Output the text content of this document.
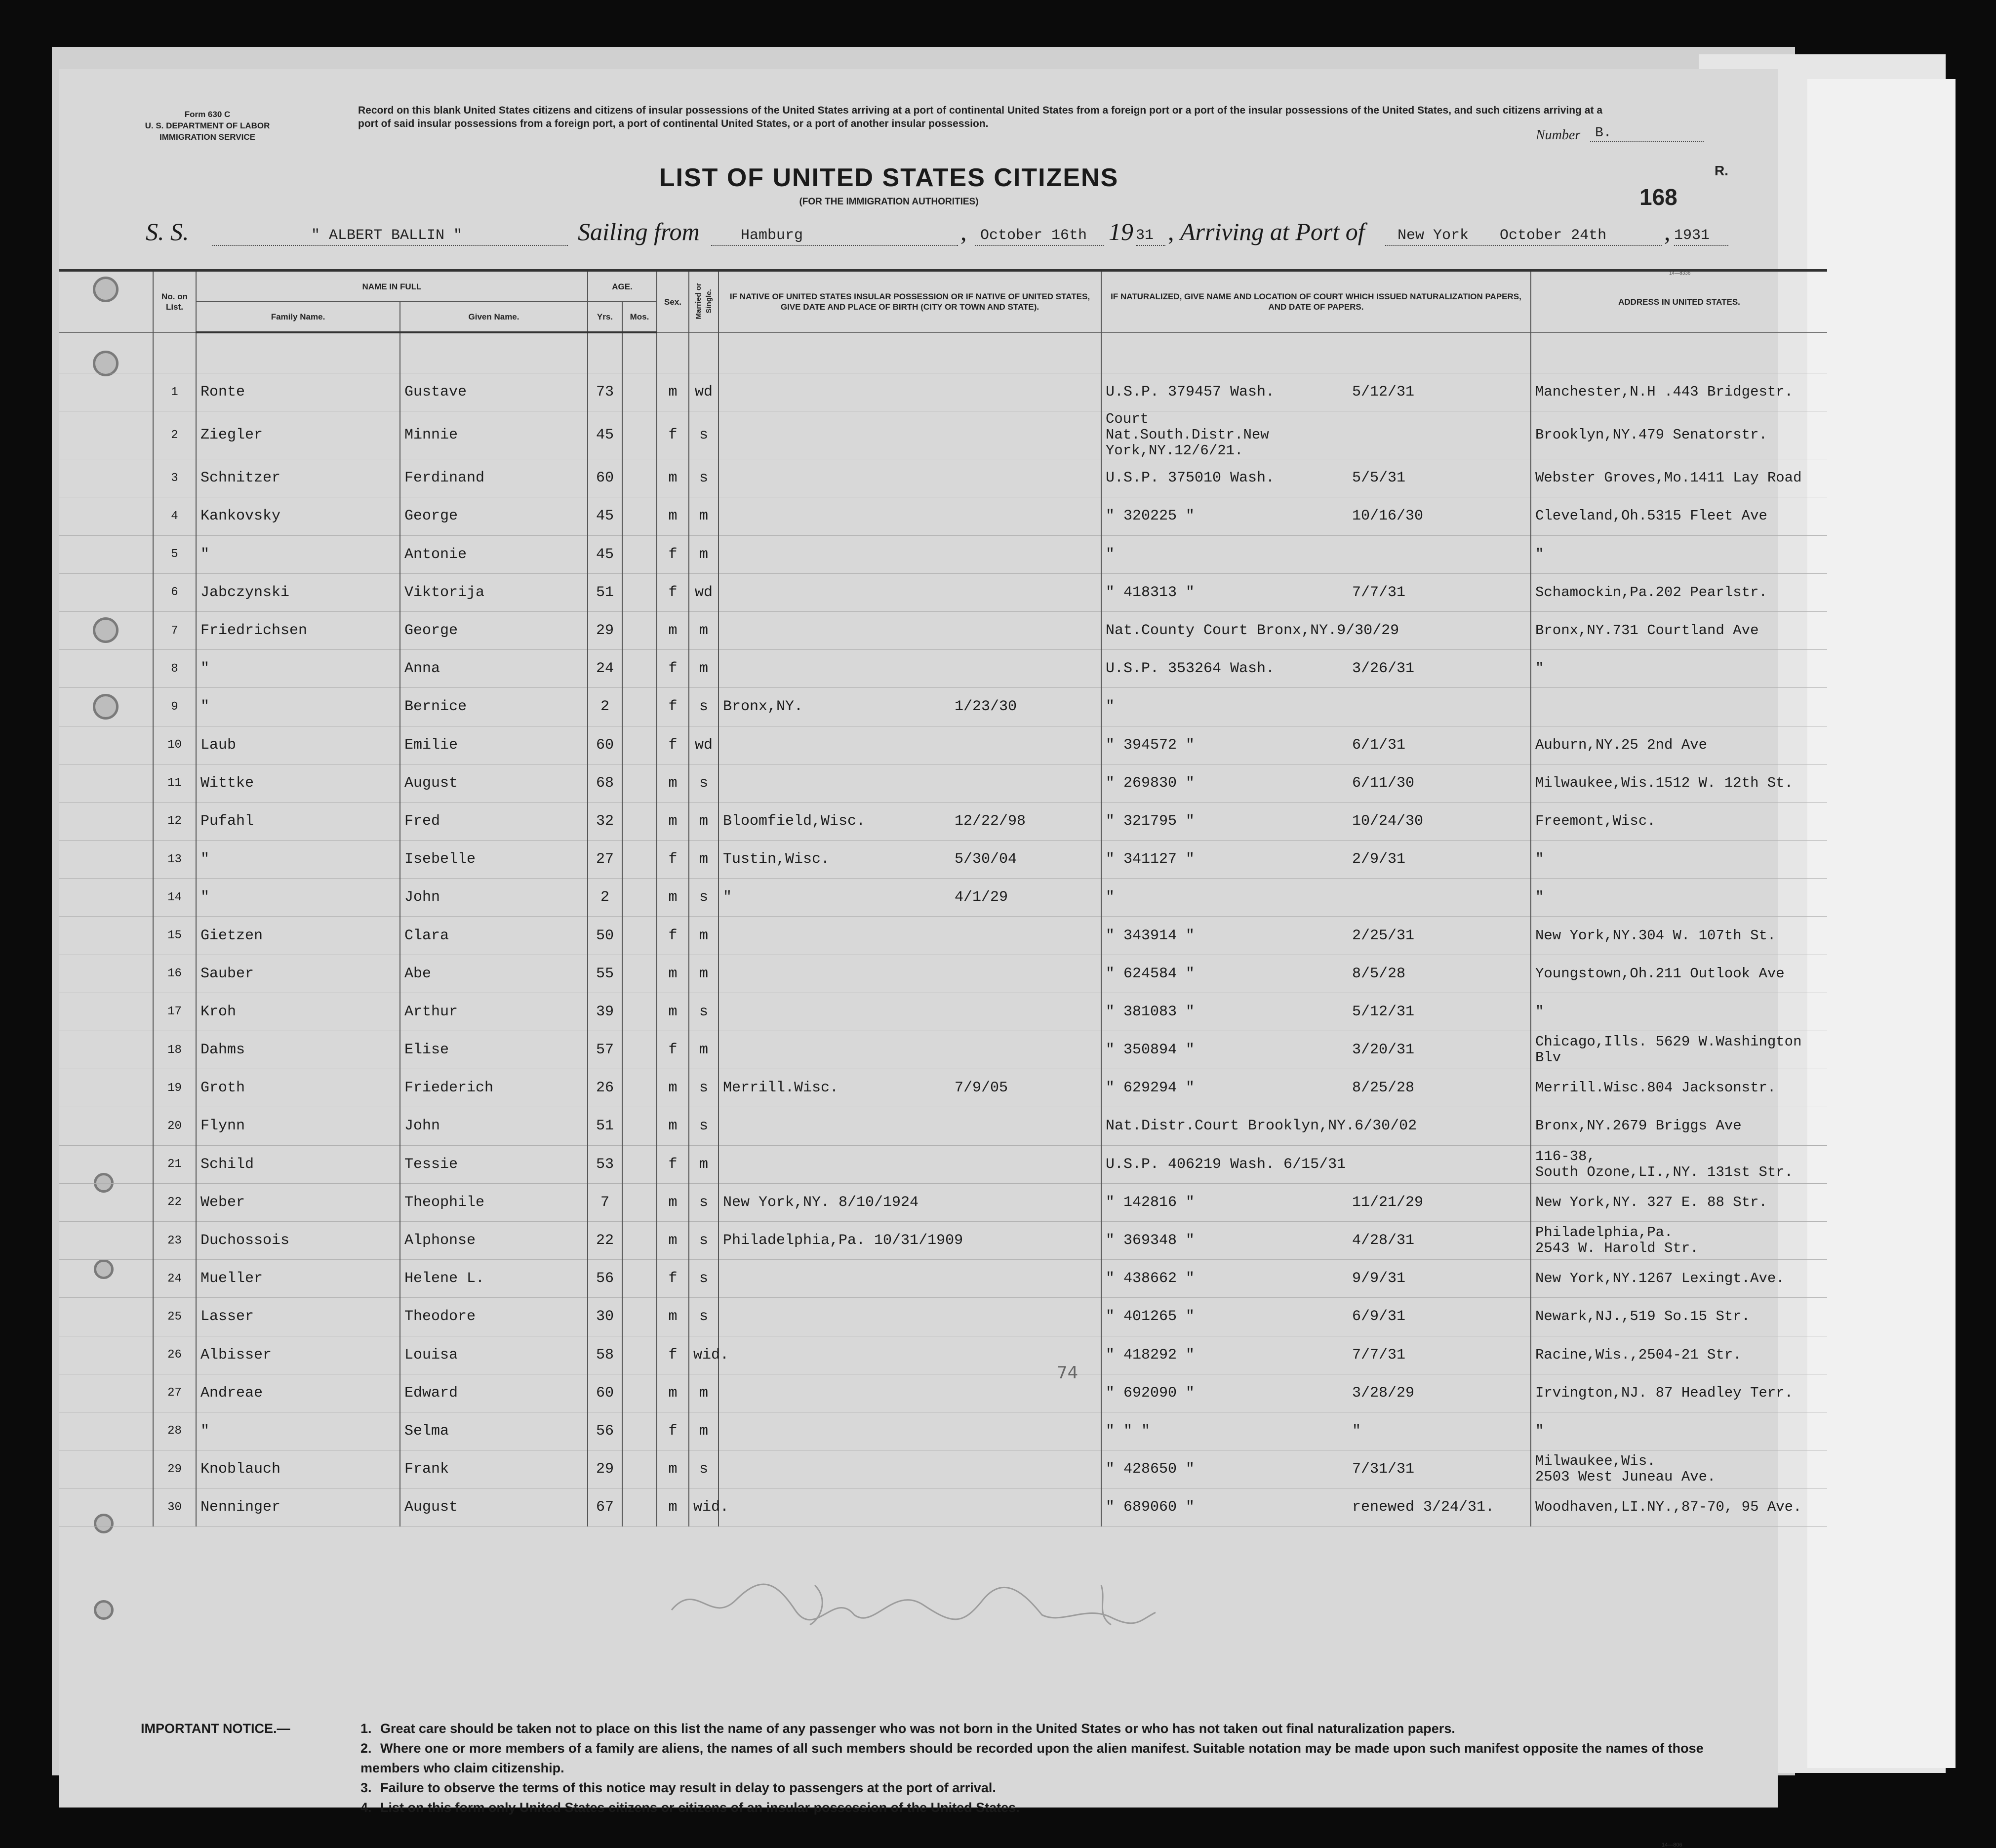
Form 630 C
U. S. DEPARTMENT OF LABOR
IMMIGRATION SERVICE
Record on this blank United States citizens and citizens of insular possessions of the United States arriving at a port of continental United States from a foreign port or a port of the insular possessions of the United States, and such citizens arriving at a port of said insular possessions from a foreign port, a port of continental United States, or a port of another insular possession.
Number	B.
R.
LIST OF UNITED STATES CITIZENS
(FOR THE IMMIGRATION AUTHORITIES)	168
S. S.	" ALBERT BALLIN "	Sailing from	Hamburg	, October 16th 19 31 , Arriving at Port of	New York October 24th	, 1931
14—8336
	No. on List.	NAME IN FULL		AGE.		Sex.	Married or Single.	IF NATIVE OF UNITED STATES INSULAR POSSESSION OR IF NATIVE OF UNITED STATES, GIVE DATE AND PLACE OF BIRTH (CITY OR TOWN AND STATE).		IF NATURALIZED, GIVE NAME AND LOCATION OF COURT WHICH ISSUED NATURALIZATION PAPERS, AND DATE OF PAPERS.		ADDRESS IN UNITED STATES.
		Family Name.	Given Name.	Yrs.	Mos.							

	1	Ronte	Gustave	73		m	wd			U.S.P. 379457 Wash.	5/12/31	Manchester,N.H .443 Bridgestr.
	2	Ziegler	Minnie	45		f	s			Court
Nat.South.Distr.New York,NY.12/6/21.		Brooklyn,NY.479 Senatorstr.
	3	Schnitzer	Ferdinand	60		m	s			U.S.P. 375010 Wash.	5/5/31	Webster Groves,Mo.1411 Lay Road
	4	Kankovsky	George	45		m	m			" 320225 "	10/16/30	Cleveland,Oh.5315 Fleet Ave
	5	"	Antonie	45		f	m			"		"
	6	Jabczynski	Viktorija	51		f	wd			" 418313 "	7/7/31	Schamockin,Pa.202 Pearlstr.
	7	Friedrichsen	George	29		m	m			Nat.County Court Bronx,NY.9/30/29		Bronx,NY.731 Courtland Ave
	8	"	Anna	24		f	m			U.S.P. 353264 Wash.	3/26/31	"
	9	"	Bernice	2		f	s	Bronx,NY.	1/23/30	"		
	10	Laub	Emilie	60		f	wd			" 394572 "	6/1/31	Auburn,NY.25 2nd Ave
	11	Wittke	August	68		m	s			" 269830 "	6/11/30	Milwaukee,Wis.1512 W. 12th St.
	12	Pufahl	Fred	32		m	m	Bloomfield,Wisc.	12/22/98	" 321795 "	10/24/30	Freemont,Wisc.
	13	"	Isebelle	27		f	m	Tustin,Wisc.	5/30/04	" 341127 "	2/9/31	"
	14	"	John	2		m	s	"	4/1/29	"		"
	15	Gietzen	Clara	50		f	m			" 343914 "	2/25/31	New York,NY.304 W. 107th St.
	16	Sauber	Abe	55		m	m			" 624584 "	8/5/28	Youngstown,Oh.211 Outlook Ave
	17	Kroh	Arthur	39		m	s			" 381083 "	5/12/31	"
	18	Dahms	Elise	57		f	m			" 350894 "	3/20/31	Chicago,Ills. 5629 W.Washington Blv
	19	Groth	Friederich	26		m	s	Merrill.Wisc.	7/9/05	" 629294 "	8/25/28	Merrill.Wisc.804 Jacksonstr.
	20	Flynn	John	51		m	s			Nat.Distr.Court Brooklyn,NY.6/30/02		Bronx,NY.2679 Briggs Ave
	21	Schild	Tessie	53		f	m			U.S.P. 406219 Wash. 6/15/31		116-38,
South Ozone,LI.,NY. 131st Str.
	22	Weber	Theophile	7		m	s	New York,NY. 8/10/1924		" 142816 "	11/21/29	New York,NY. 327 E. 88 Str.
	23	Duchossois	Alphonse	22		m	s	Philadelphia,Pa. 10/31/1909		" 369348 "	4/28/31	Philadelphia,Pa.
2543 W. Harold Str.
	24	Mueller	Helene L.	56		f	s			" 438662 "	9/9/31	New York,NY.1267 Lexingt.Ave.
	25	Lasser	Theodore	30		m	s			" 401265 "	6/9/31	Newark,NJ.,519 So.15 Str.
	26	Albisser	Louisa	58		f	wid.			" 418292 "	7/7/31	Racine,Wis.,2504-21 Str.
	27	Andreae	Edward	60		m	m			" 692090 "	3/28/29	Irvington,NJ. 87 Headley Terr.
	28	"	Selma	56		f	m			" " "	"	"
	29	Knoblauch	Frank	29		m	s			" 428650 "	7/31/31	Milwaukee,Wis.
2503 West Juneau Ave.
	30	Nenninger	August	67		m	wid.			" 689060 "	renewed 3/24/31.	Woodhaven,LI.NY.,87-70, 95 Ave.
74
IMPORTANT NOTICE.—	1. Great care should be taken not to place on this list the name of any passenger who was not born in the United States or who has not taken out final naturalization papers.
2. Where one or more members of a family are aliens, the names of all such members should be recorded upon the alien manifest. Suitable notation may be made upon such manifest opposite the names of those members who claim citizenship.
3. Failure to observe the terms of this notice may result in delay to passengers at the port of arrival.
4. List on this form only United States citizens or citizens of an insular possession of the United States.
14—806
